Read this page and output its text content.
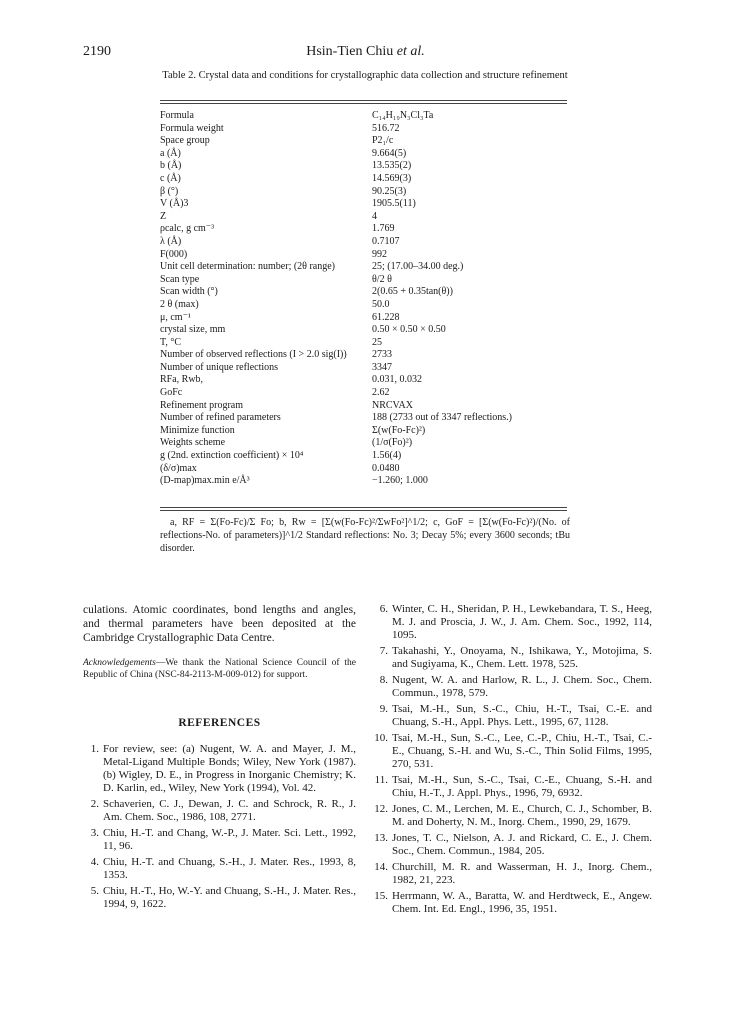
2190	Hsin-Tien Chiu et al.
Table 2. Crystal data and conditions for crystallographic data collection and structure refinement
Formula	C₁₄H₁₉N₃Cl₃Ta
Formula weight	516.72
Space group	P2₁/c
a (Å)	9.664(5)
b (Å)	13.535(2)
c (Å)	14.569(3)
β (°)	90.25(3)
V (Å)3	1905.5(11)
Z	4
ρcalc, g cm⁻³	1.769
λ (Å)	0.7107
F(000)	992
Unit cell determination: number; (2θ range)	25; (17.00–34.00 deg.)
Scan type	θ/2 θ
Scan width (°)	2(0.65 + 0.35tan(θ))
2 θ (max)	50.0
μ, cm⁻¹	61.228
crystal size, mm	0.50 × 0.50 × 0.50
T, °C	25
Number of observed reflections (I > 2.0 sig(I))	2733
Number of unique reflections	3347
RFa, Rwb,	0.031, 0.032
GoFc	2.62
Refinement program	NRCVAX
Number of refined parameters	188 (2733 out of 3347 reflections.)
Minimize function	Σ(w(Fo-Fc)²)
Weights scheme	(1/σ(Fo)²)
g (2nd. extinction coefficient) × 10⁴	1.56(4)
(δ/σ)max	0.0480
(D-map)max.min e/Å³	−1.260; 1.000
a, RF = Σ(Fo-Fc)/Σ Fo; b, Rw = [Σ(w(Fo-Fc)²/ΣwFo²]^1/2; c, GoF = [Σ(w(Fo-Fc)²)/(No. of reflections-No. of parameters)]^1/2 Standard reflections: No. 3; Decay 5%; every 3600 seconds; tBu disorder.

culations. Atomic coordinates, bond lengths and angles, and thermal parameters have been deposited at the Cambridge Crystallographic Data Centre.

Acknowledgements—We thank the National Science Council of the Republic of China (NSC-84-2113-M-009-012) for support.

REFERENCES
1. For review, see: (a) Nugent, W. A. and Mayer, J. M., Metal-Ligand Multiple Bonds; Wiley, New York (1987). (b) Wigley, D. E., in Progress in Inorganic Chemistry; K. D. Karlin, ed., Wiley, New York (1994), Vol. 42.
2. Schaverien, C. J., Dewan, J. C. and Schrock, R. R., J. Am. Chem. Soc., 1986, 108, 2771.
3. Chiu, H.-T. and Chang, W.-P., J. Mater. Sci. Lett., 1992, 11, 96.
4. Chiu, H.-T. and Chuang, S.-H., J. Mater. Res., 1993, 8, 1353.
5. Chiu, H.-T., Ho, W.-Y. and Chuang, S.-H., J. Mater. Res., 1994, 9, 1622.
6. Winter, C. H., Sheridan, P. H., Lewkebandara, T. S., Heeg, M. J. and Proscia, J. W., J. Am. Chem. Soc., 1992, 114, 1095.
7. Takahashi, Y., Onoyama, N., Ishikawa, Y., Motojima, S. and Sugiyama, K., Chem. Lett. 1978, 525.
8. Nugent, W. A. and Harlow, R. L., J. Chem. Soc., Chem. Commun., 1978, 579.
9. Tsai, M.-H., Sun, S.-C., Chiu, H.-T., Tsai, C.-E. and Chuang, S.-H., Appl. Phys. Lett., 1995, 67, 1128.
10. Tsai, M.-H., Sun, S.-C., Lee, C.-P., Chiu, H.-T., Tsai, C.-E., Chuang, S.-H. and Wu, S.-C., Thin Solid Films, 1995, 270, 531.
11. Tsai, M.-H., Sun, S.-C., Tsai, C.-E., Chuang, S.-H. and Chiu, H.-T., J. Appl. Phys., 1996, 79, 6932.
12. Jones, C. M., Lerchen, M. E., Church, C. J., Schomber, B. M. and Doherty, N. M., Inorg. Chem., 1990, 29, 1679.
13. Jones, T. C., Nielson, A. J. and Rickard, C. E., J. Chem. Soc., Chem. Commun., 1984, 205.
14. Churchill, M. R. and Wasserman, H. J., Inorg. Chem., 1982, 21, 223.
15. Herrmann, W. A., Baratta, W. and Herdtweck, E., Angew. Chem. Int. Ed. Engl., 1996, 35, 1951.
